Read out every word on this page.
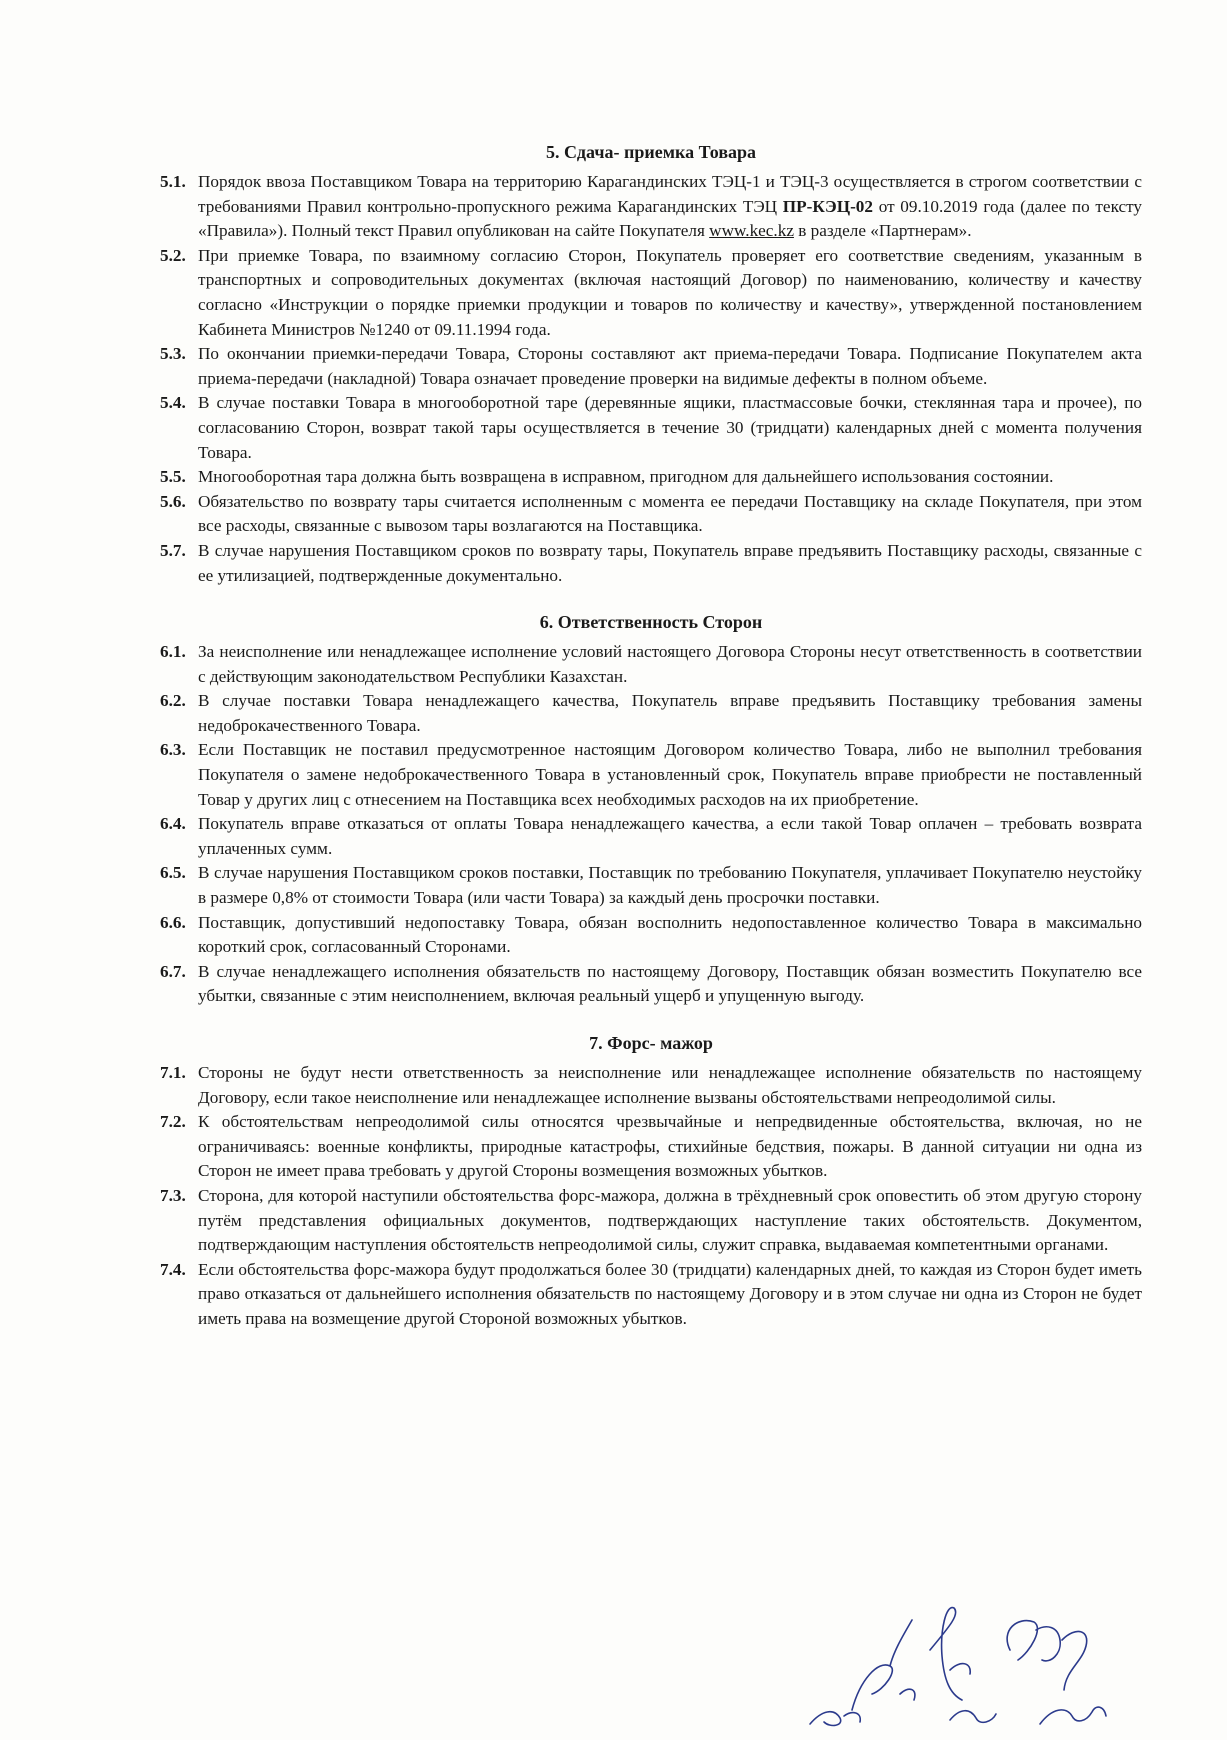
5. Сдача- приемка Товара
5.1. Порядок ввоза Поставщиком Товара на территорию Карагандинских ТЭЦ-1 и ТЭЦ-3 осуществляется в строгом соответствии с требованиями Правил контрольно-пропускного режима Карагандинских ТЭЦ ПР-КЭЦ-02 от 09.10.2019 года (далее по тексту «Правила»). Полный текст Правил опубликован на сайте Покупателя www.kec.kz в разделе «Партнерам».
5.2. При приемке Товара, по взаимному согласию Сторон, Покупатель проверяет его соответствие сведениям, указанным в транспортных и сопроводительных документах (включая настоящий Договор) по наименованию, количеству и качеству согласно «Инструкции о порядке приемки продукции и товаров по количеству и качеству», утвержденной постановлением Кабинета Министров №1240 от 09.11.1994 года.
5.3. По окончании приемки-передачи Товара, Стороны составляют акт приема-передачи Товара. Подписание Покупателем акта приема-передачи (накладной) Товара означает проведение проверки на видимые дефекты в полном объеме.
5.4. В случае поставки Товара в многооборотной таре (деревянные ящики, пластмассовые бочки, стеклянная тара и прочее), по согласованию Сторон, возврат такой тары осуществляется в течение 30 (тридцати) календарных дней с момента получения Товара.
5.5. Многооборотная тара должна быть возвращена в исправном, пригодном для дальнейшего использования состоянии.
5.6. Обязательство по возврату тары считается исполненным с момента ее передачи Поставщику на складе Покупателя, при этом все расходы, связанные с вывозом тары возлагаются на Поставщика.
5.7. В случае нарушения Поставщиком сроков по возврату тары, Покупатель вправе предъявить Поставщику расходы, связанные с ее утилизацией, подтвержденные документально.
6. Ответственность Сторон
6.1. За неисполнение или ненадлежащее исполнение условий настоящего Договора Стороны несут ответственность в соответствии с действующим законодательством Республики Казахстан.
6.2. В случае поставки Товара ненадлежащего качества, Покупатель вправе предъявить Поставщику требования замены недоброкачественного Товара.
6.3. Если Поставщик не поставил предусмотренное настоящим Договором количество Товара, либо не выполнил требования Покупателя о замене недоброкачественного Товара в установленный срок, Покупатель вправе приобрести не поставленный Товар у других лиц с отнесением на Поставщика всех необходимых расходов на их приобретение.
6.4. Покупатель вправе отказаться от оплаты Товара ненадлежащего качества, а если такой Товар оплачен – требовать возврата уплаченных сумм.
6.5. В случае нарушения Поставщиком сроков поставки, Поставщик по требованию Покупателя, уплачивает Покупателю неустойку в размере 0,8% от стоимости Товара (или части Товара) за каждый день просрочки поставки.
6.6. Поставщик, допустивший недопоставку Товара, обязан восполнить недопоставленное количество Товара в максимально короткий срок, согласованный Сторонами.
6.7. В случае ненадлежащего исполнения обязательств по настоящему Договору, Поставщик обязан возместить Покупателю все убытки, связанные с этим неисполнением, включая реальный ущерб и упущенную выгоду.
7. Форс- мажор
7.1. Стороны не будут нести ответственность за неисполнение или ненадлежащее исполнение обязательств по настоящему Договору, если такое неисполнение или ненадлежащее исполнение вызваны обстоятельствами непреодолимой силы.
7.2. К обстоятельствам непреодолимой силы относятся чрезвычайные и непредвиденные обстоятельства, включая, но не ограничиваясь: военные конфликты, природные катастрофы, стихийные бедствия, пожары. В данной ситуации ни одна из Сторон не имеет права требовать у другой Стороны возмещения возможных убытков.
7.3. Сторона, для которой наступили обстоятельства форс-мажора, должна в трёхдневный срок оповестить об этом другую сторону путём представления официальных документов, подтверждающих наступление таких обстоятельств. Документом, подтверждающим наступления обстоятельств непреодолимой силы, служит справка, выдаваемая компетентными органами.
7.4. Если обстоятельства форс-мажора будут продолжаться более 30 (тридцати) календарных дней, то каждая из Сторон будет иметь право отказаться от дальнейшего исполнения обязательств по настоящему Договору и в этом случае ни одна из Сторон не будет иметь права на возмещение другой Стороной возможных убытков.
